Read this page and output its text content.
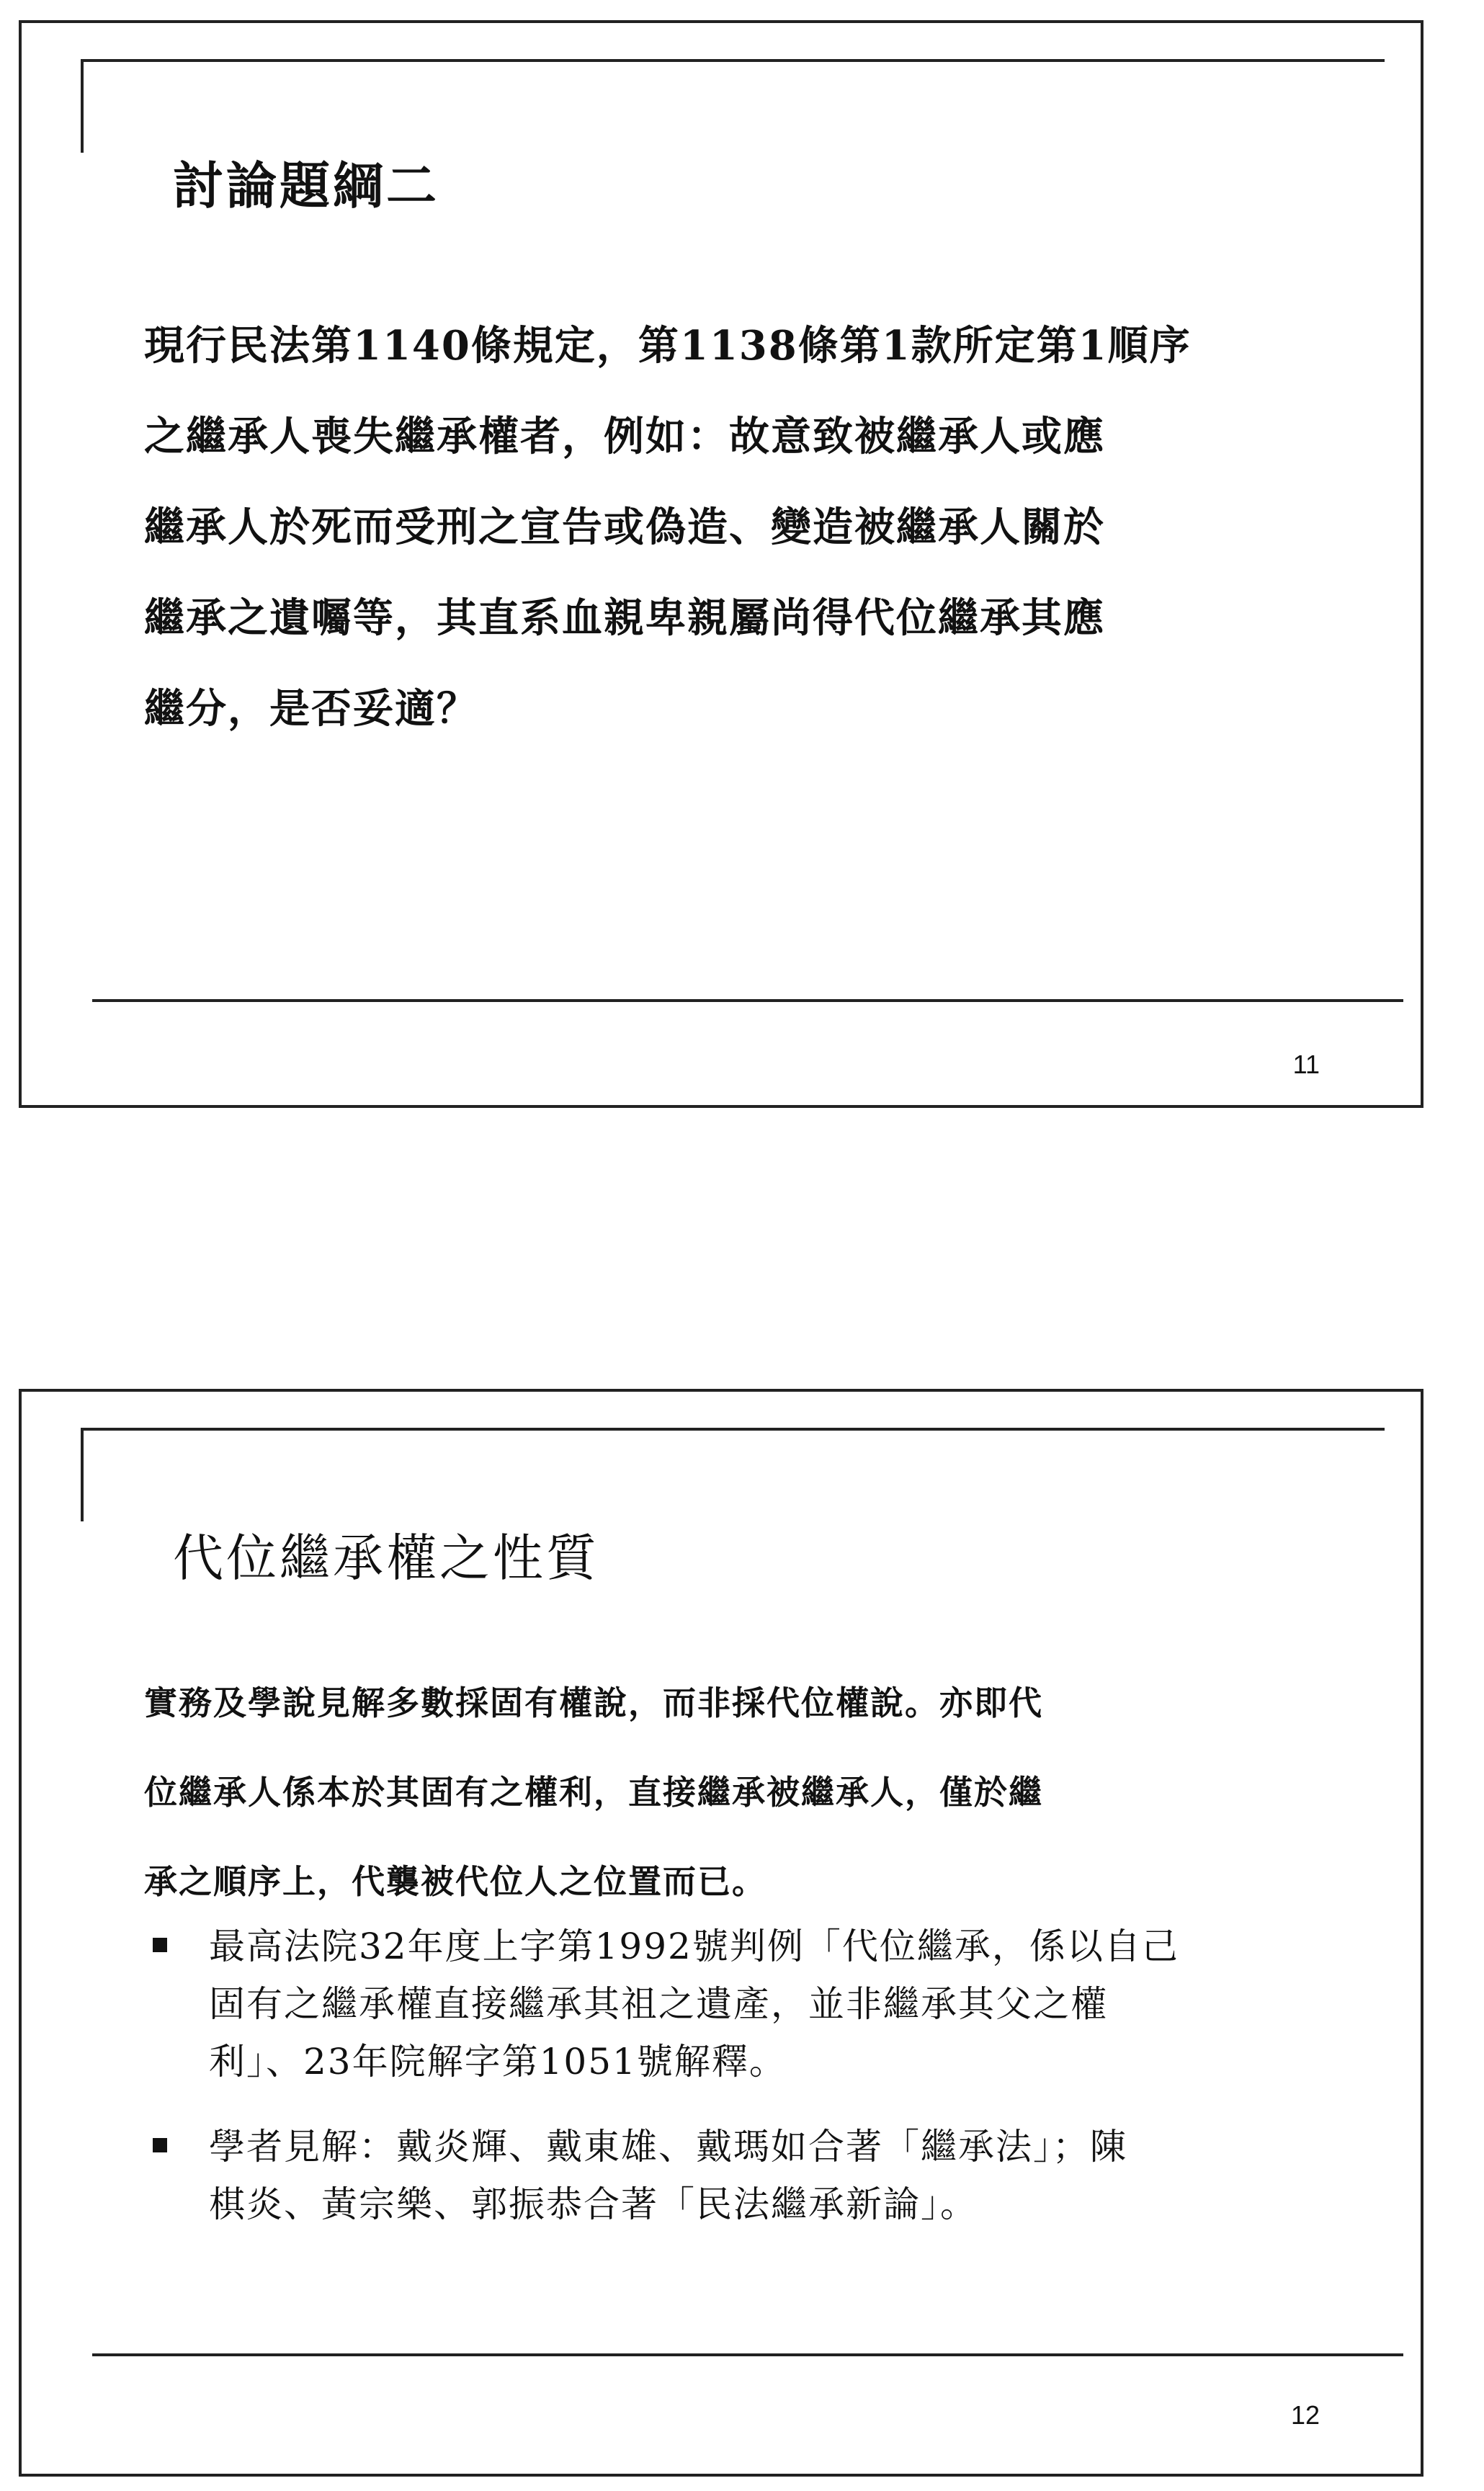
討論題綱二
現行民法第1140條規定，第1138條第1款所定第1順序
之繼承人喪失繼承權者，例如：故意致被繼承人或應
繼承人於死而受刑之宣告或偽造、變造被繼承人關於
繼承之遺囑等，其直系血親卑親屬尚得代位繼承其應
繼分，是否妥適？
11
代位繼承權之性質
實務及學說見解多數採固有權說，而非採代位權說。亦即代
位繼承人係本於其固有之權利，直接繼承被繼承人，僅於繼
承之順序上，代襲被代位人之位置而已。
最高法院32年度上字第1992號判例「代位繼承，係以自己
固有之繼承權直接繼承其祖之遺產，並非繼承其父之權
利」、23年院解字第1051號解釋。
學者見解：戴炎輝、戴東雄、戴瑪如合著「繼承法」；陳
棋炎、黃宗樂、郭振恭合著「民法繼承新論」。
12
